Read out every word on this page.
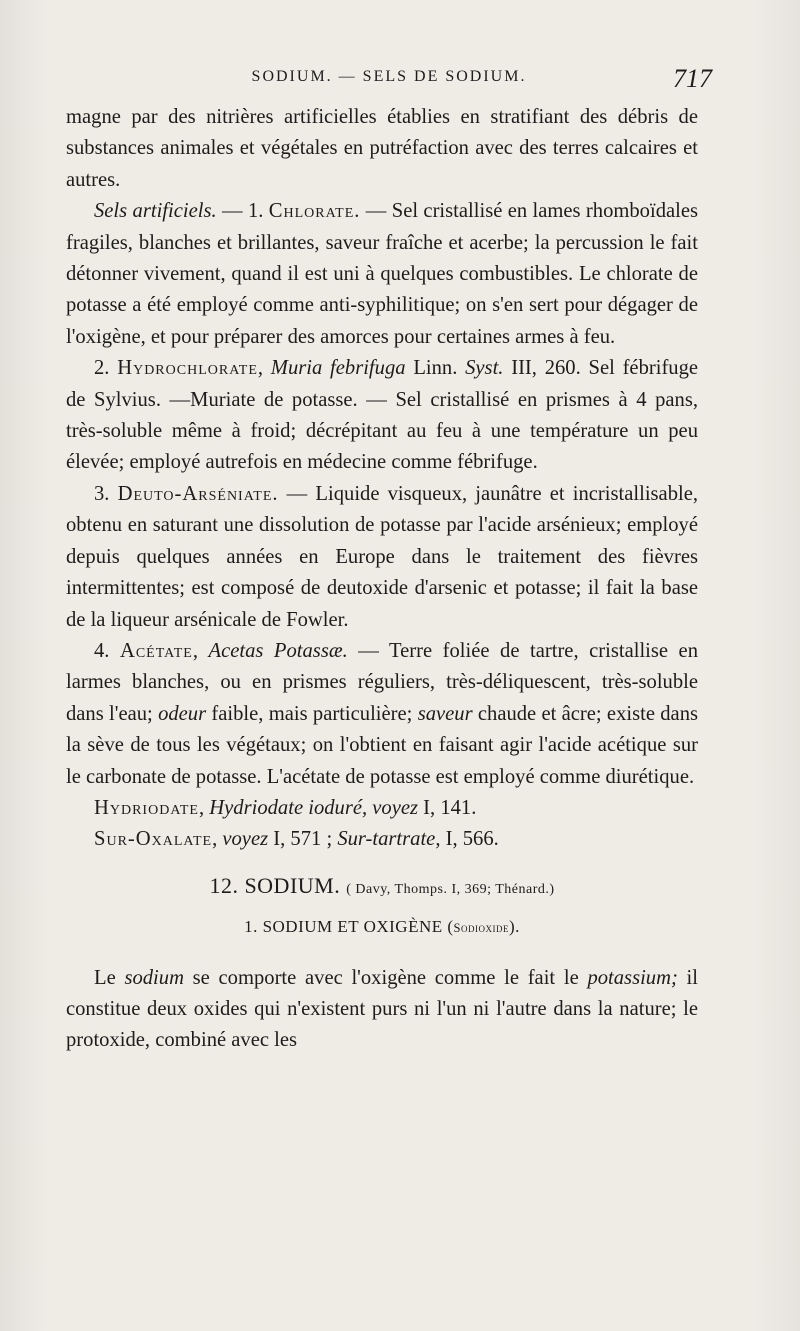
SODIUM. — SELS DE SODIUM.	717

magne par des nitrières artificielles établies en stratifiant des débris de substances animales et végétales en putréfaction avec des terres calcaires et autres.

Sels artificiels. — 1. Chlorate. — Sel cristallisé en lames rhomboïdales fragiles, blanches et brillantes, saveur fraîche et acerbe; la percussion le fait détonner vivement, quand il est uni à quelques combustibles. Le chlorate de potasse a été employé comme anti-syphilitique; on s'en sert pour dégager de l'oxigène, et pour préparer des amorces pour certaines armes à feu.

2. Hydrochlorate, Muria febrifuga Linn. Syst. III, 260. Sel fébrifuge de Sylvius. —Muriate de potasse. — Sel cristallisé en prismes à 4 pans, très-soluble même à froid; décrépitant au feu à une température un peu élevée; employé autrefois en médecine comme fébrifuge.

3. Deuto-Arséniate. — Liquide visqueux, jaunâtre et incristallisable, obtenu en saturant une dissolution de potasse par l'acide arsénieux; employé depuis quelques années en Europe dans le traitement des fièvres intermittentes; est composé de deutoxide d'arsenic et potasse; il fait la base de la liqueur arsénicale de Fowler.

4. Acétate, Acetas Potassæ. — Terre foliée de tartre, cristallise en larmes blanches, ou en prismes réguliers, très-déliquescent, très-soluble dans l'eau; odeur faible, mais particulière; saveur chaude et âcre; existe dans la sève de tous les végétaux; on l'obtient en faisant agir l'acide acétique sur le carbonate de potasse. L'acétate de potasse est employé comme diurétique.

Hydriodate, Hydriodate ioduré, voyez I, 141.

Sur-Oxalate, voyez I, 571 ; Sur-tartrate, I, 566.

12. SODIUM. ( Davy, Thomps. I, 369; Thénard.)
1. SODIUM ET OXIGÈNE (Sodioxide).

Le sodium se comporte avec l'oxigène comme le fait le potassium; il constitue deux oxides qui n'existent purs ni l'un ni l'autre dans la nature; le protoxide, combiné avec les
